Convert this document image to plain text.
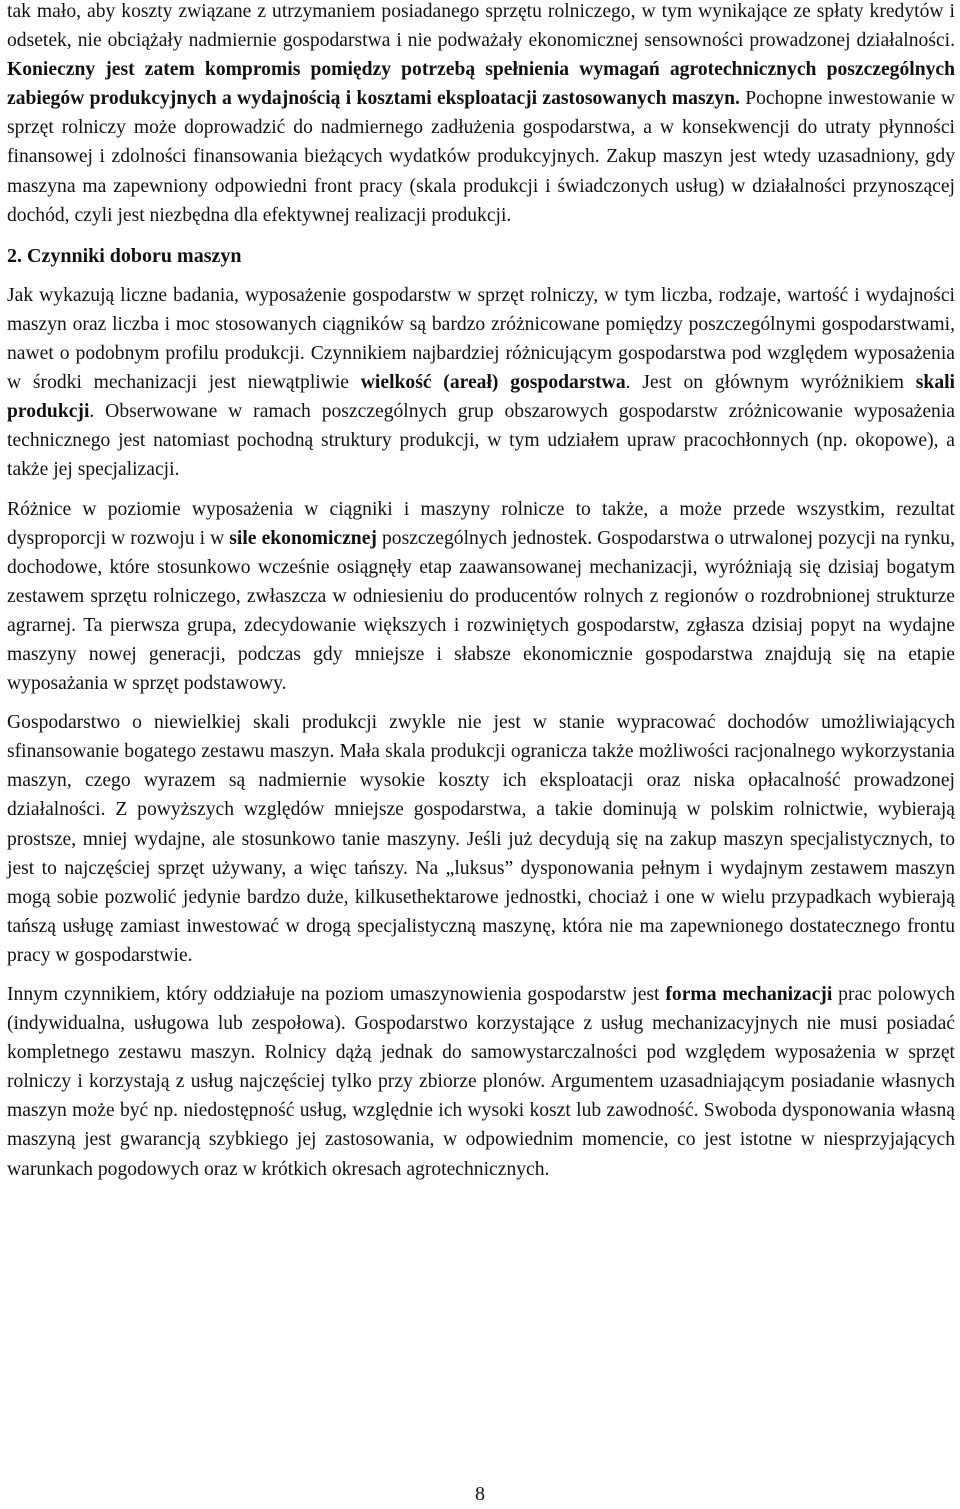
tak mało, aby koszty związane z utrzymaniem posiadanego sprzętu rolniczego, w tym wynikające ze spłaty kredytów i odsetek, nie obciążały nadmiernie gospodarstwa i nie podważały ekonomicznej sensowności prowadzonej działalności. Konieczny jest zatem kompromis pomiędzy potrzebą spełnienia wymagań agrotechnicznych poszczególnych zabiegów produkcyjnych a wydajnością i kosztami eksploatacji zastosowanych maszyn. Pochopne inwestowanie w sprzęt rolniczy może doprowadzić do nadmiernego zadłużenia gospodarstwa, a w konsekwencji do utraty płynności finansowej i zdolności finansowania bieżących wydatków produkcyjnych. Zakup maszyn jest wtedy uzasadniony, gdy maszyna ma zapewniony odpowiedni front pracy (skala produkcji i świadczonych usług) w działalności przynoszącej dochód, czyli jest niezbędna dla efektywnej realizacji produkcji.

2. Czynniki doboru maszyn

Jak wykazują liczne badania, wyposażenie gospodarstw w sprzęt rolniczy, w tym liczba, rodzaje, wartość i wydajności maszyn oraz liczba i moc stosowanych ciągników są bardzo zróżnicowane pomiędzy poszczególnymi gospodarstwami, nawet o podobnym profilu produkcji. Czynnikiem najbardziej różnicującym gospodarstwa pod względem wyposażenia w środki mechanizacji jest niewątpliwie wielkość (areał) gospodarstwa. Jest on głównym wyróżnikiem skali produkcji. Obserwowane w ramach poszczególnych grup obszarowych gospodarstw zróżnicowanie wyposażenia technicznego jest natomiast pochodną struktury produkcji, w tym udziałem upraw pracochłonnych (np. okopowe), a także jej specjalizacji.

Różnice w poziomie wyposażenia w ciągniki i maszyny rolnicze to także, a może przede wszystkim, rezultat dysproporcji w rozwoju i w sile ekonomicznej poszczególnych jednostek. Gospodarstwa o utrwalonej pozycji na rynku, dochodowe, które stosunkowo wcześnie osiągnęły etap zaawansowanej mechanizacji, wyróżniają się dzisiaj bogatym zestawem sprzętu rolniczego, zwłaszcza w odniesieniu do producentów rolnych z regionów o rozdrobnionej strukturze agrarnej. Ta pierwsza grupa, zdecydowanie większych i rozwiniętych gospodarstw, zgłasza dzisiaj popyt na wydajne maszyny nowej generacji, podczas gdy mniejsze i słabsze ekonomicznie gospodarstwa znajdują się na etapie wyposażania w sprzęt podstawowy.

Gospodarstwo o niewielkiej skali produkcji zwykle nie jest w stanie wypracować dochodów umożliwiających sfinansowanie bogatego zestawu maszyn. Mała skala produkcji ogranicza także możliwości racjonalnego wykorzystania maszyn, czego wyrazem są nadmiernie wysokie koszty ich eksploatacji oraz niska opłacalność prowadzonej działalności. Z powyższych względów mniejsze gospodarstwa, a takie dominują w polskim rolnictwie, wybierają prostsze, mniej wydajne, ale stosunkowo tanie maszyny. Jeśli już decydują się na zakup maszyn specjalistycznych, to jest to najczęściej sprzęt używany, a więc tańszy. Na „luksus” dysponowania pełnym i wydajnym zestawem maszyn mogą sobie pozwolić jedynie bardzo duże, kilkusethektarowe jednostki, chociaż i one w wielu przypadkach wybierają tańszą usługę zamiast inwestować w drogą specjalistyczną maszynę, która nie ma zapewnionego dostatecznego frontu pracy w gospodarstwie.

Innym czynnikiem, który oddziałuje na poziom umaszynowienia gospodarstw jest forma mechanizacji prac polowych (indywidualna, usługowa lub zespołowa). Gospodarstwo korzystające z usług mechanizacyjnych nie musi posiadać kompletnego zestawu maszyn. Rolnicy dążą jednak do samowystarczalności pod względem wyposażenia w sprzęt rolniczy i korzystają z usług najczęściej tylko przy zbiorze plonów. Argumentem uzasadniającym posiadanie własnych maszyn może być np. niedostępność usług, względnie ich wysoki koszt lub zawodność. Swoboda dysponowania własną maszyną jest gwarancją szybkiego jej zastosowania, w odpowiednim momencie, co jest istotne w niesprzyjających warunkach pogodowych oraz w krótkich okresach agrotechnicznych.

8
